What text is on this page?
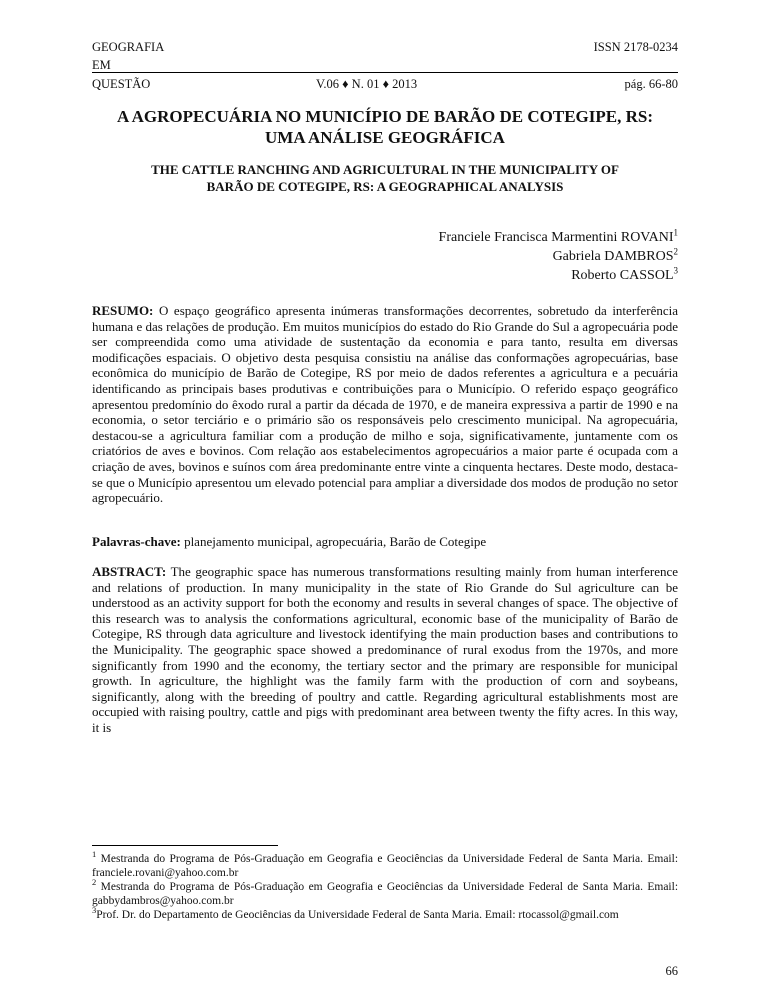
GEOGRAFIA	ISSN 2178-0234
EM
QUESTÃO	V.06 ♦ N. 01 ♦ 2013	pág. 66-80
A AGROPECUÁRIA NO MUNICÍPIO DE BARÃO DE COTEGIPE, RS:
UMA ANÁLISE GEOGRÁFICA
THE CATTLE RANCHING AND AGRICULTURAL IN THE MUNICIPALITY OF
BARÃO DE COTEGIPE, RS: A GEOGRAPHICAL ANALYSIS
Franciele Francisca Marmentini ROVANI$^1$
Gabriela DAMBROS$^2$
Roberto CASSOL$^3$
RESUMO: O espaço geográfico apresenta inúmeras transformações decorrentes, sobretudo da interferência humana e das relações de produção. Em muitos municípios do estado do Rio Grande do Sul a agropecuária pode ser compreendida como uma atividade de sustentação da economia e para tanto, resulta em diversas modificações espaciais. O objetivo desta pesquisa consistiu na análise das conformações agropecuárias, base econômica do município de Barão de Cotegipe, RS por meio de dados referentes a agricultura e a pecuária identificando as principais bases produtivas e contribuições para o Município. O referido espaço geográfico apresentou predomínio do êxodo rural a partir da década de 1970, e de maneira expressiva a partir de 1990 e na economia, o setor terciário e o primário são os responsáveis pelo crescimento municipal. Na agropecuária, destacou-se a agricultura familiar com a produção de milho e soja, significativamente, juntamente com os criatórios de aves e bovinos. Com relação aos estabelecimentos agropecuários a maior parte é ocupada com a criação de aves, bovinos e suínos com área predominante entre vinte a cinquenta hectares. Deste modo, destaca-se que o Município apresentou um elevado potencial para ampliar a diversidade dos modos de produção no setor agropecuário.
Palavras-chave: planejamento municipal, agropecuária, Barão de Cotegipe
ABSTRACT: The geographic space has numerous transformations resulting mainly from human interference and relations of production. In many municipality in the state of Rio Grande do Sul agriculture can be understood as an activity support for both the economy and results in several changes of space. The objective of this research was to analysis the conformations agricultural, economic base of the municipality of Barão de Cotegipe, RS through data agriculture and livestock identifying the main production bases and contributions to the Municipality. The geographic space showed a predominance of rural exodus from the 1970s, and more significantly from 1990 and the economy, the tertiary sector and the primary are responsible for municipal growth. In agriculture, the highlight was the family farm with the production of corn and soybeans, significantly, along with the breeding of poultry and cattle. Regarding agricultural establishments most are occupied with raising poultry, cattle and pigs with predominant area between twenty the fifty acres. In this way, it is

$^1$ Mestranda do Programa de Pós-Graduação em Geografia e Geociências da Universidade Federal de Santa Maria. Email: franciele.rovani@yahoo.com.br

$^2$ Mestranda do Programa de Pós-Graduação em Geografia e Geociências da Universidade Federal de Santa Maria. Email: gabbydambros@yahoo.com.br

$^3$Prof. Dr. do Departamento de Geociências da Universidade Federal de Santa Maria. Email: rtocassol@gmail.com

66
